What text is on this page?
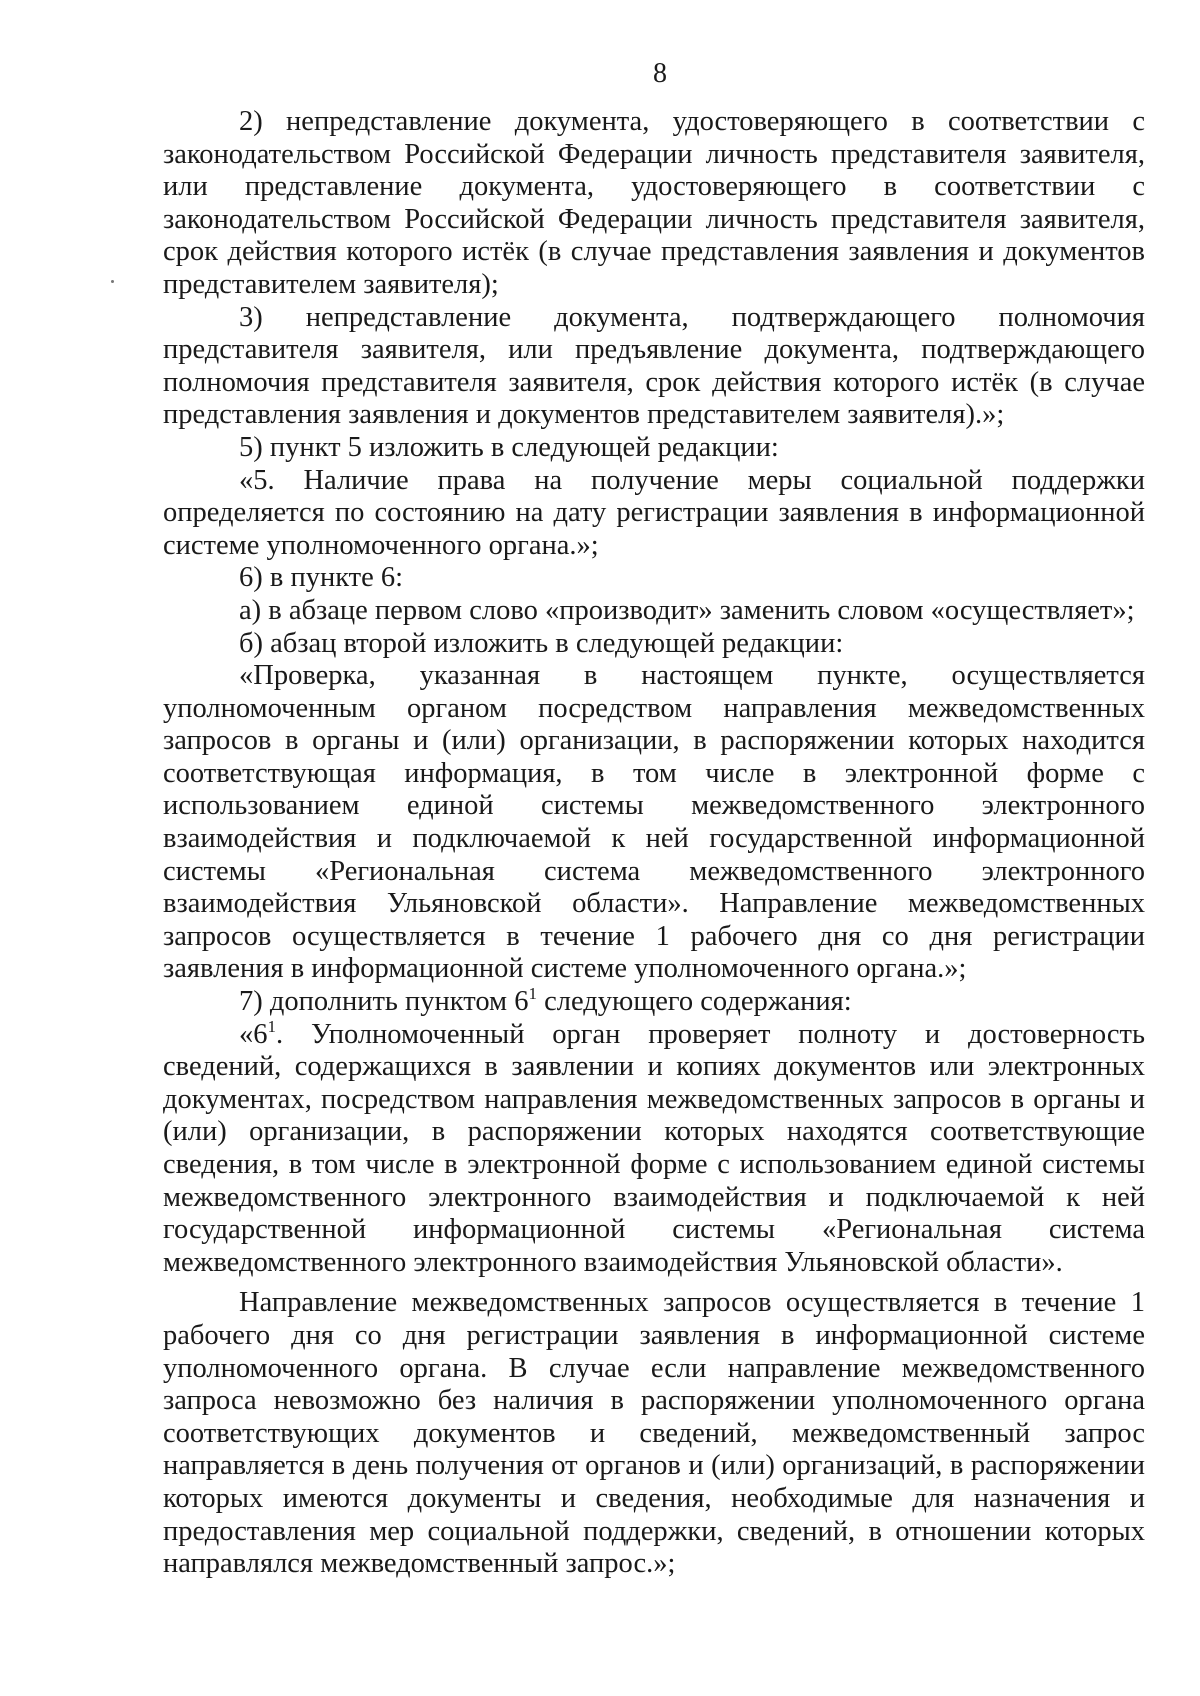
8

2) непредставление документа, удостоверяющего в соответствии с законодательством Российской Федерации личность представителя заявителя, или представление документа, удостоверяющего в соответствии с законодательством Российской Федерации личность представителя заявителя, срок действия которого истёк (в случае представления заявления и документов представителем заявителя);

3) непредставление документа, подтверждающего полномочия представителя заявителя, или предъявление документа, подтверждающего полномочия представителя заявителя, срок действия которого истёк (в случае представления заявления и документов представителем заявителя).»;

5) пункт 5 изложить в следующей редакции:

«5. Наличие права на получение меры социальной поддержки определяется по состоянию на дату регистрации заявления в информационной системе уполномоченного органа.»;

6) в пункте 6:

а) в абзаце первом слово «производит» заменить словом «осуществляет»;

б) абзац второй изложить в следующей редакции:

«Проверка, указанная в настоящем пункте, осуществляется уполномоченным органом посредством направления межведомственных запросов в органы и (или) организации, в распоряжении которых находится соответствующая информация, в том числе в электронной форме с использованием единой системы межведомственного электронного взаимодействия и подключаемой к ней государственной информационной системы «Региональная система межведомственного электронного взаимодействия Ульяновской области». Направление межведомственных запросов осуществляется в течение 1 рабочего дня со дня регистрации заявления в информационной системе уполномоченного органа.»;

7) дополнить пунктом $6^1$ следующего содержания:

«$6^1$. Уполномоченный орган проверяет полноту и достоверность сведений, содержащихся в заявлении и копиях документов или электронных документах, посредством направления межведомственных запросов в органы и (или) организации, в распоряжении которых находятся соответствующие сведения, в том числе в электронной форме с использованием единой системы межведомственного электронного взаимодействия и подключаемой к ней государственной информационной системы «Региональная система межведомственного электронного взаимодействия Ульяновской области».

Направление межведомственных запросов осуществляется в течение 1 рабочего дня со дня регистрации заявления в информационной системе уполномоченного органа. В случае если направление межведомственного запроса невозможно без наличия в распоряжении уполномоченного органа соответствующих документов и сведений, межведомственный запрос направляется в день получения от органов и (или) организаций, в распоряжении которых имеются документы и сведения, необходимые для назначения и предоставления мер социальной поддержки, сведений, в отношении которых направлялся межведомственный запрос.»;
